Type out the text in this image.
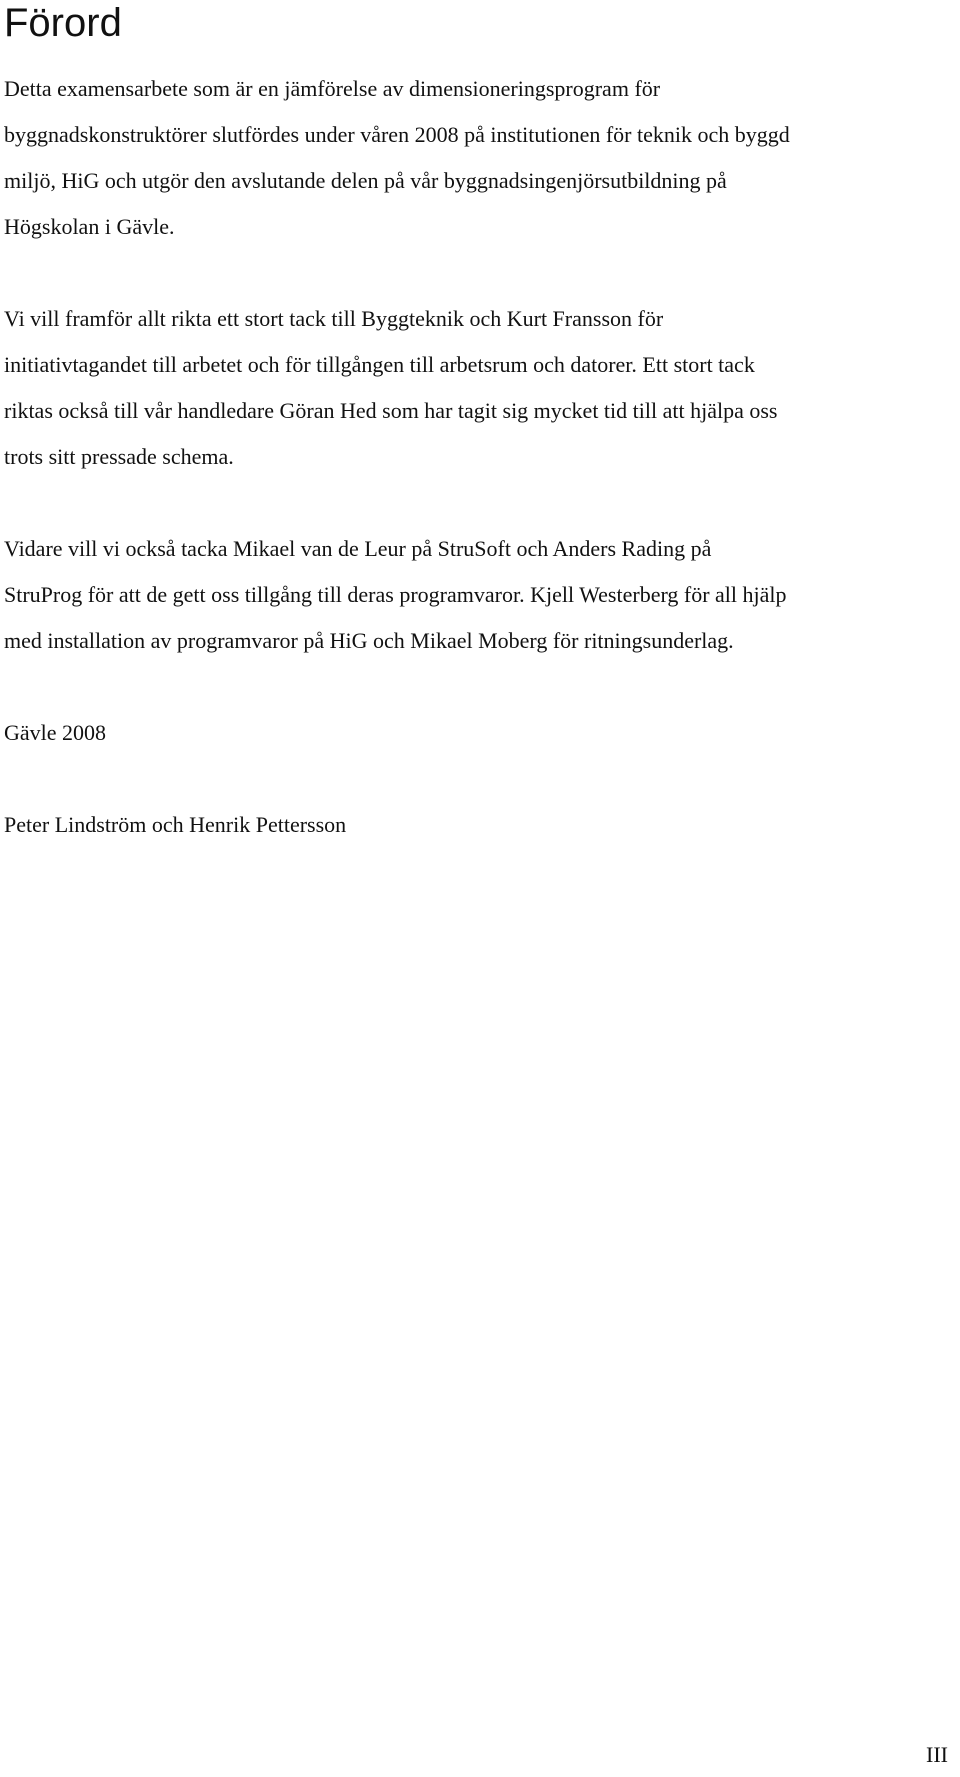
Förord

Detta examensarbete som är en jämförelse av dimensioneringsprogram för
byggnadskonstruktörer slutfördes under våren 2008 på institutionen för teknik och byggd
miljö, HiG och utgör den avslutande delen på vår byggnadsingenjörsutbildning på
Högskolan i Gävle.

Vi vill framför allt rikta ett stort tack till Byggteknik och Kurt Fransson för
initiativtagandet till arbetet och för tillgången till arbetsrum och datorer. Ett stort tack
riktas också till vår handledare Göran Hed som har tagit sig mycket tid till att hjälpa oss
trots sitt pressade schema.

Vidare vill vi också tacka Mikael van de Leur på StruSoft och Anders Rading på
StruProg för att de gett oss tillgång till deras programvaror. Kjell Westerberg för all hjälp
med installation av programvaror på HiG och Mikael Moberg för ritningsunderlag.

Gävle 2008

Peter Lindström och Henrik Pettersson

III
